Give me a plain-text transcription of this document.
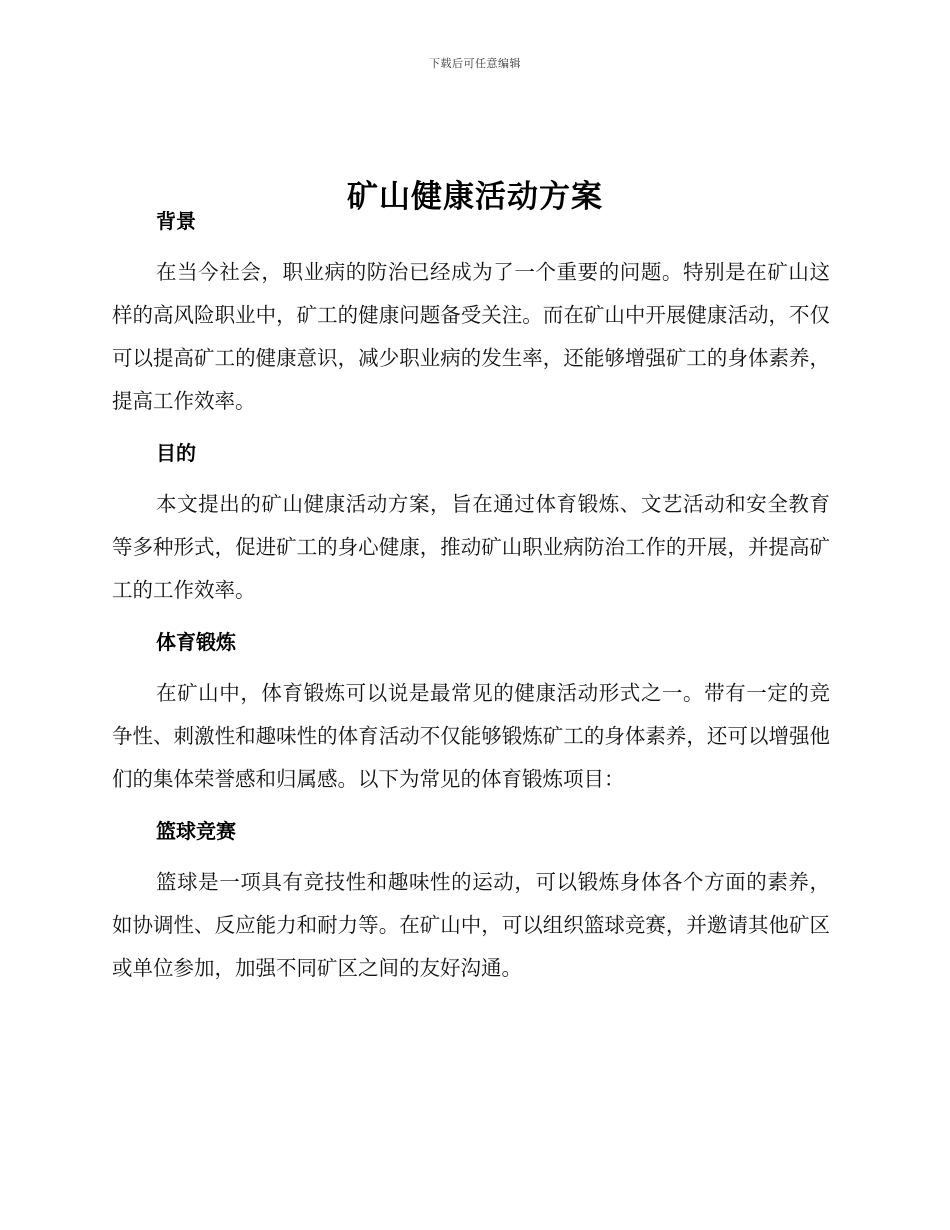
下载后可任意编辑
矿山健康活动方案
背景

在当今社会，职业病的防治已经成为了一个重要的问题。特别是在矿山这样的高风险职业中，矿工的健康问题备受关注。而在矿山中开展健康活动，不仅可以提高矿工的健康意识，减少职业病的发生率，还能够增强矿工的身体素养，提高工作效率。

目的

本文提出的矿山健康活动方案，旨在通过体育锻炼、文艺活动和安全教育等多种形式，促进矿工的身心健康，推动矿山职业病防治工作的开展，并提高矿工的工作效率。

体育锻炼

在矿山中，体育锻炼可以说是最常见的健康活动形式之一。带有一定的竞争性、刺激性和趣味性的体育活动不仅能够锻炼矿工的身体素养，还可以增强他们的集体荣誉感和归属感。以下为常见的体育锻炼项目：

篮球竞赛

篮球是一项具有竞技性和趣味性的运动，可以锻炼身体各个方面的素养，如协调性、反应能力和耐力等。在矿山中，可以组织篮球竞赛，并邀请其他矿区或单位参加，加强不同矿区之间的友好沟通。
